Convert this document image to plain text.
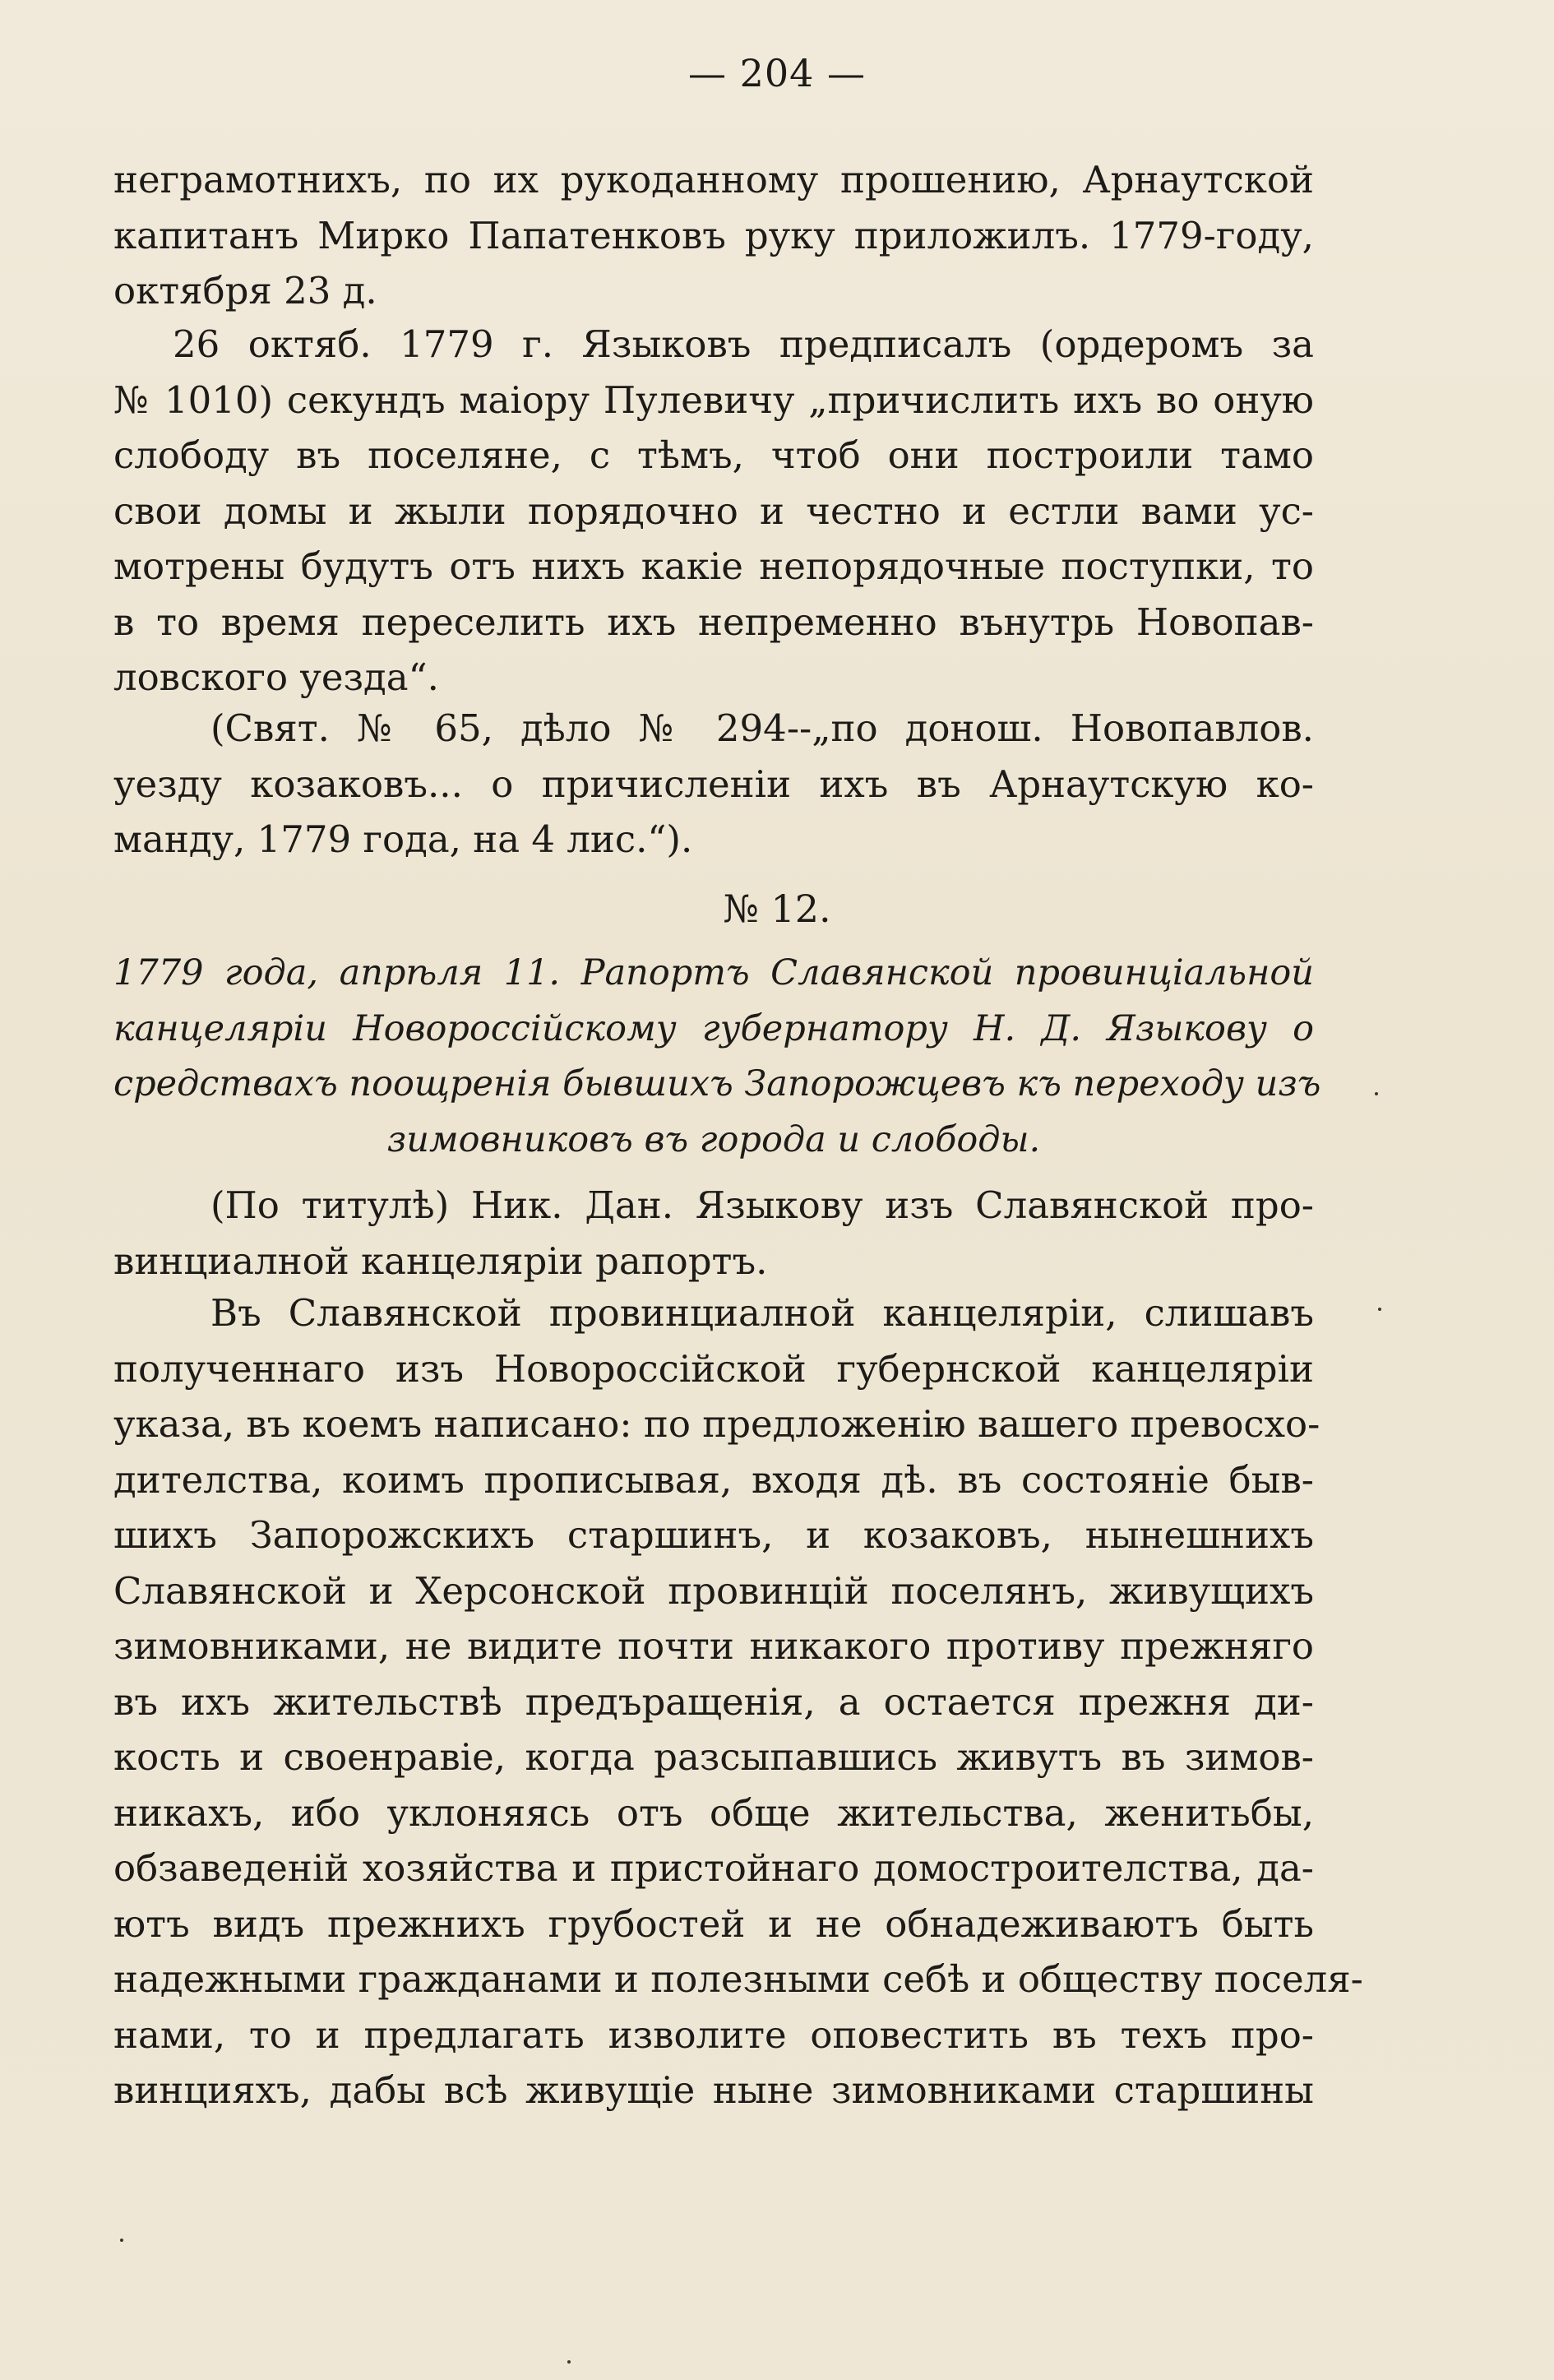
— 204 —
неграмотнихъ, по их рукоданному прошению, Арнаутской
капитанъ Мирко Папатенковъ руку приложилъ. 1779-году,
октября 23 д.
26 октяб. 1779 г. Языковъ предписалъ (ордеромъ за
№ 1010) секундъ маіору Пулевичу „причислить ихъ во оную
слободу въ поселяне, с тѣмъ, чтоб они построили тамо
свои домы и жыли порядочно и честно и естли вами ус-
мотрены будутъ отъ нихъ какіе непорядочные поступки, то
в то время переселить ихъ непременно вънутрь Новопав-
ловского уезда“.
(Свят. № 65, дѣло № 294--„по донош. Новопавлов.
уезду козаковъ... о причисленіи ихъ въ Арнаутскую ко-
манду, 1779 года, на 4 лис.“).
№ 12.
1779 года, апрѣля 11. Рапортъ Славянской провинціальной
канцеляріи Новороссійскому губернатору Н. Д. Языкову о
средствахъ поощренія бывшихъ Запорожцевъ къ переходу изъ
зимовниковъ въ города и слободы.
(По титулѣ) Ник. Дан. Языкову изъ Славянской про-
винциалной канцеляріи рапортъ.
Въ Славянской провинциалной канцеляріи, слишавъ
полученнаго изъ Новороссійской губернской канцеляріи
указа, въ коемъ написано: по предложенію вашего превосхо-
дителства, коимъ прописывая, входя дѣ. въ состояніе быв-
шихъ Запорожскихъ старшинъ, и козаковъ, нынешнихъ
Славянской и Херсонской провинцій поселянъ, живущихъ
зимовниками, не видите почти никакого противу прежняго
въ ихъ жительствѣ предъращенія, а остается прежня ди-
кость и своенравіе, когда разсыпавшись живутъ въ зимов-
никахъ, ибо уклоняясь отъ обще жительства, женитьбы,
обзаведеній хозяйства и пристойнаго домостроителства, да-
ютъ видъ прежнихъ грубостей и не обнадеживаютъ быть
надежными гражданами и полезными себѣ и обществу поселя-
нами, то и предлагать изволите оповестить въ техъ про-
винцияхъ, дабы всѣ живущіе ныне зимовниками старшины
